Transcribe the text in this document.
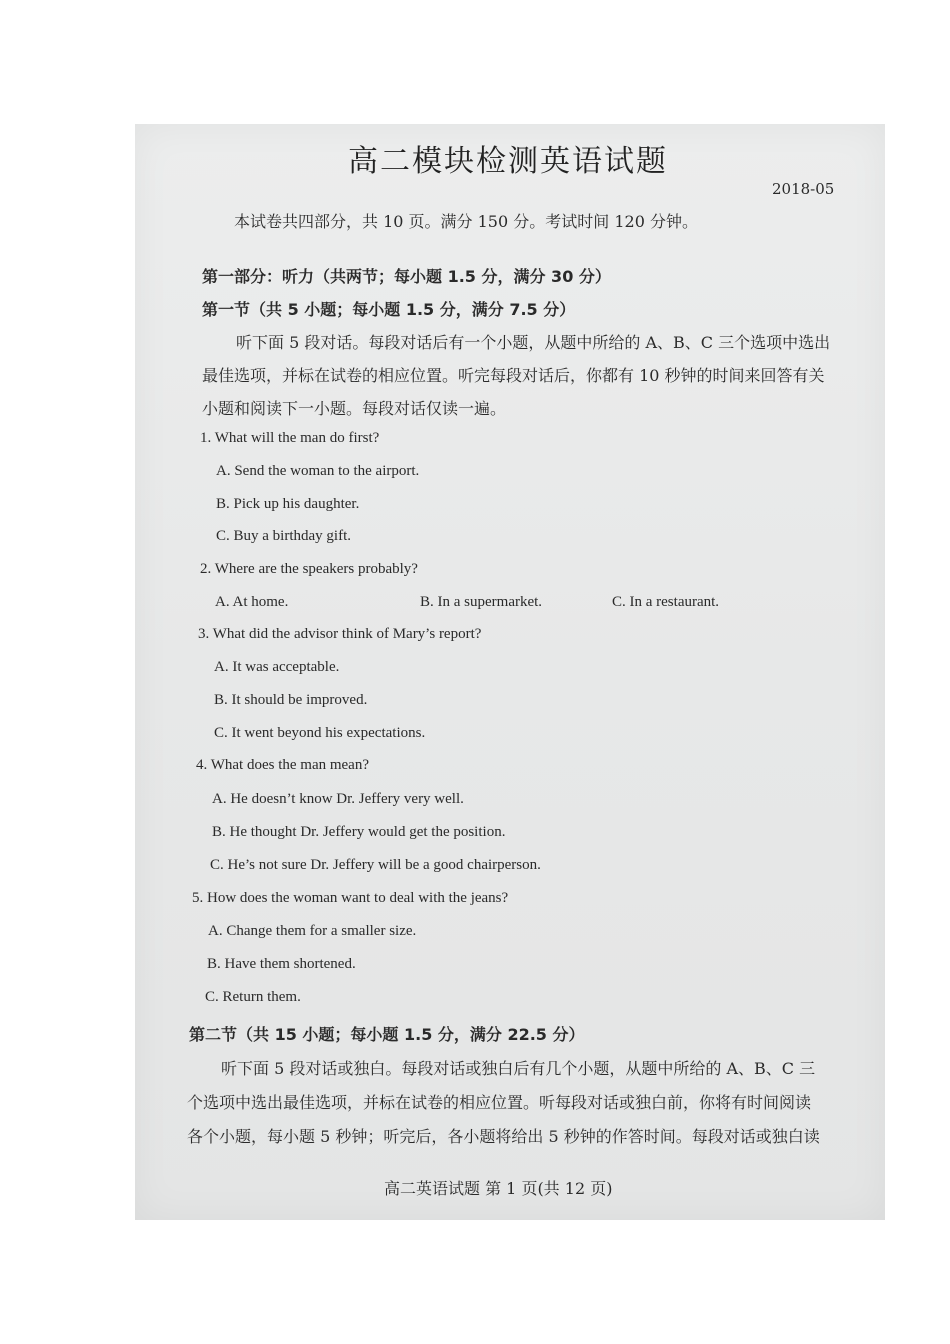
高二模块检测英语试题
2018-05
本试卷共四部分，共 10 页。满分 150 分。考试时间 120 分钟。
第一部分：听力（共两节；每小题 1.5 分，满分 30 分）
第一节（共 5 小题；每小题 1.5 分，满分 7.5 分）
听下面 5 段对话。每段对话后有一个小题，从题中所给的 A、B、C 三个选项中选出
最佳选项，并标在试卷的相应位置。听完每段对话后，你都有 10 秒钟的时间来回答有关
小题和阅读下一小题。每段对话仅读一遍。
1. What will the man do first?
A. Send the woman to the airport.
B. Pick up his daughter.
C. Buy a birthday gift.
2. Where are the speakers probably?
A. At home.	B. In a supermarket.	C. In a restaurant.
3. What did the advisor think of Mary’s report?
A. It was acceptable.
B. It should be improved.
C. It went beyond his expectations.
4. What does the man mean?
A. He doesn’t know Dr. Jeffery very well.
B. He thought Dr. Jeffery would get the position.
C. He’s not sure Dr. Jeffery will be a good chairperson.
5. How does the woman want to deal with the jeans?
A. Change them for a smaller size.
B. Have them shortened.
C. Return them.
第二节（共 15 小题；每小题 1.5 分，满分 22.5 分）
听下面 5 段对话或独白。每段对话或独白后有几个小题，从题中所给的 A、B、C 三
个选项中选出最佳选项，并标在试卷的相应位置。听每段对话或独白前，你将有时间阅读
各个小题，每小题 5 秒钟；听完后，各小题将给出 5 秒钟的作答时间。每段对话或独白读
高二英语试题 第 1 页(共 12 页)
